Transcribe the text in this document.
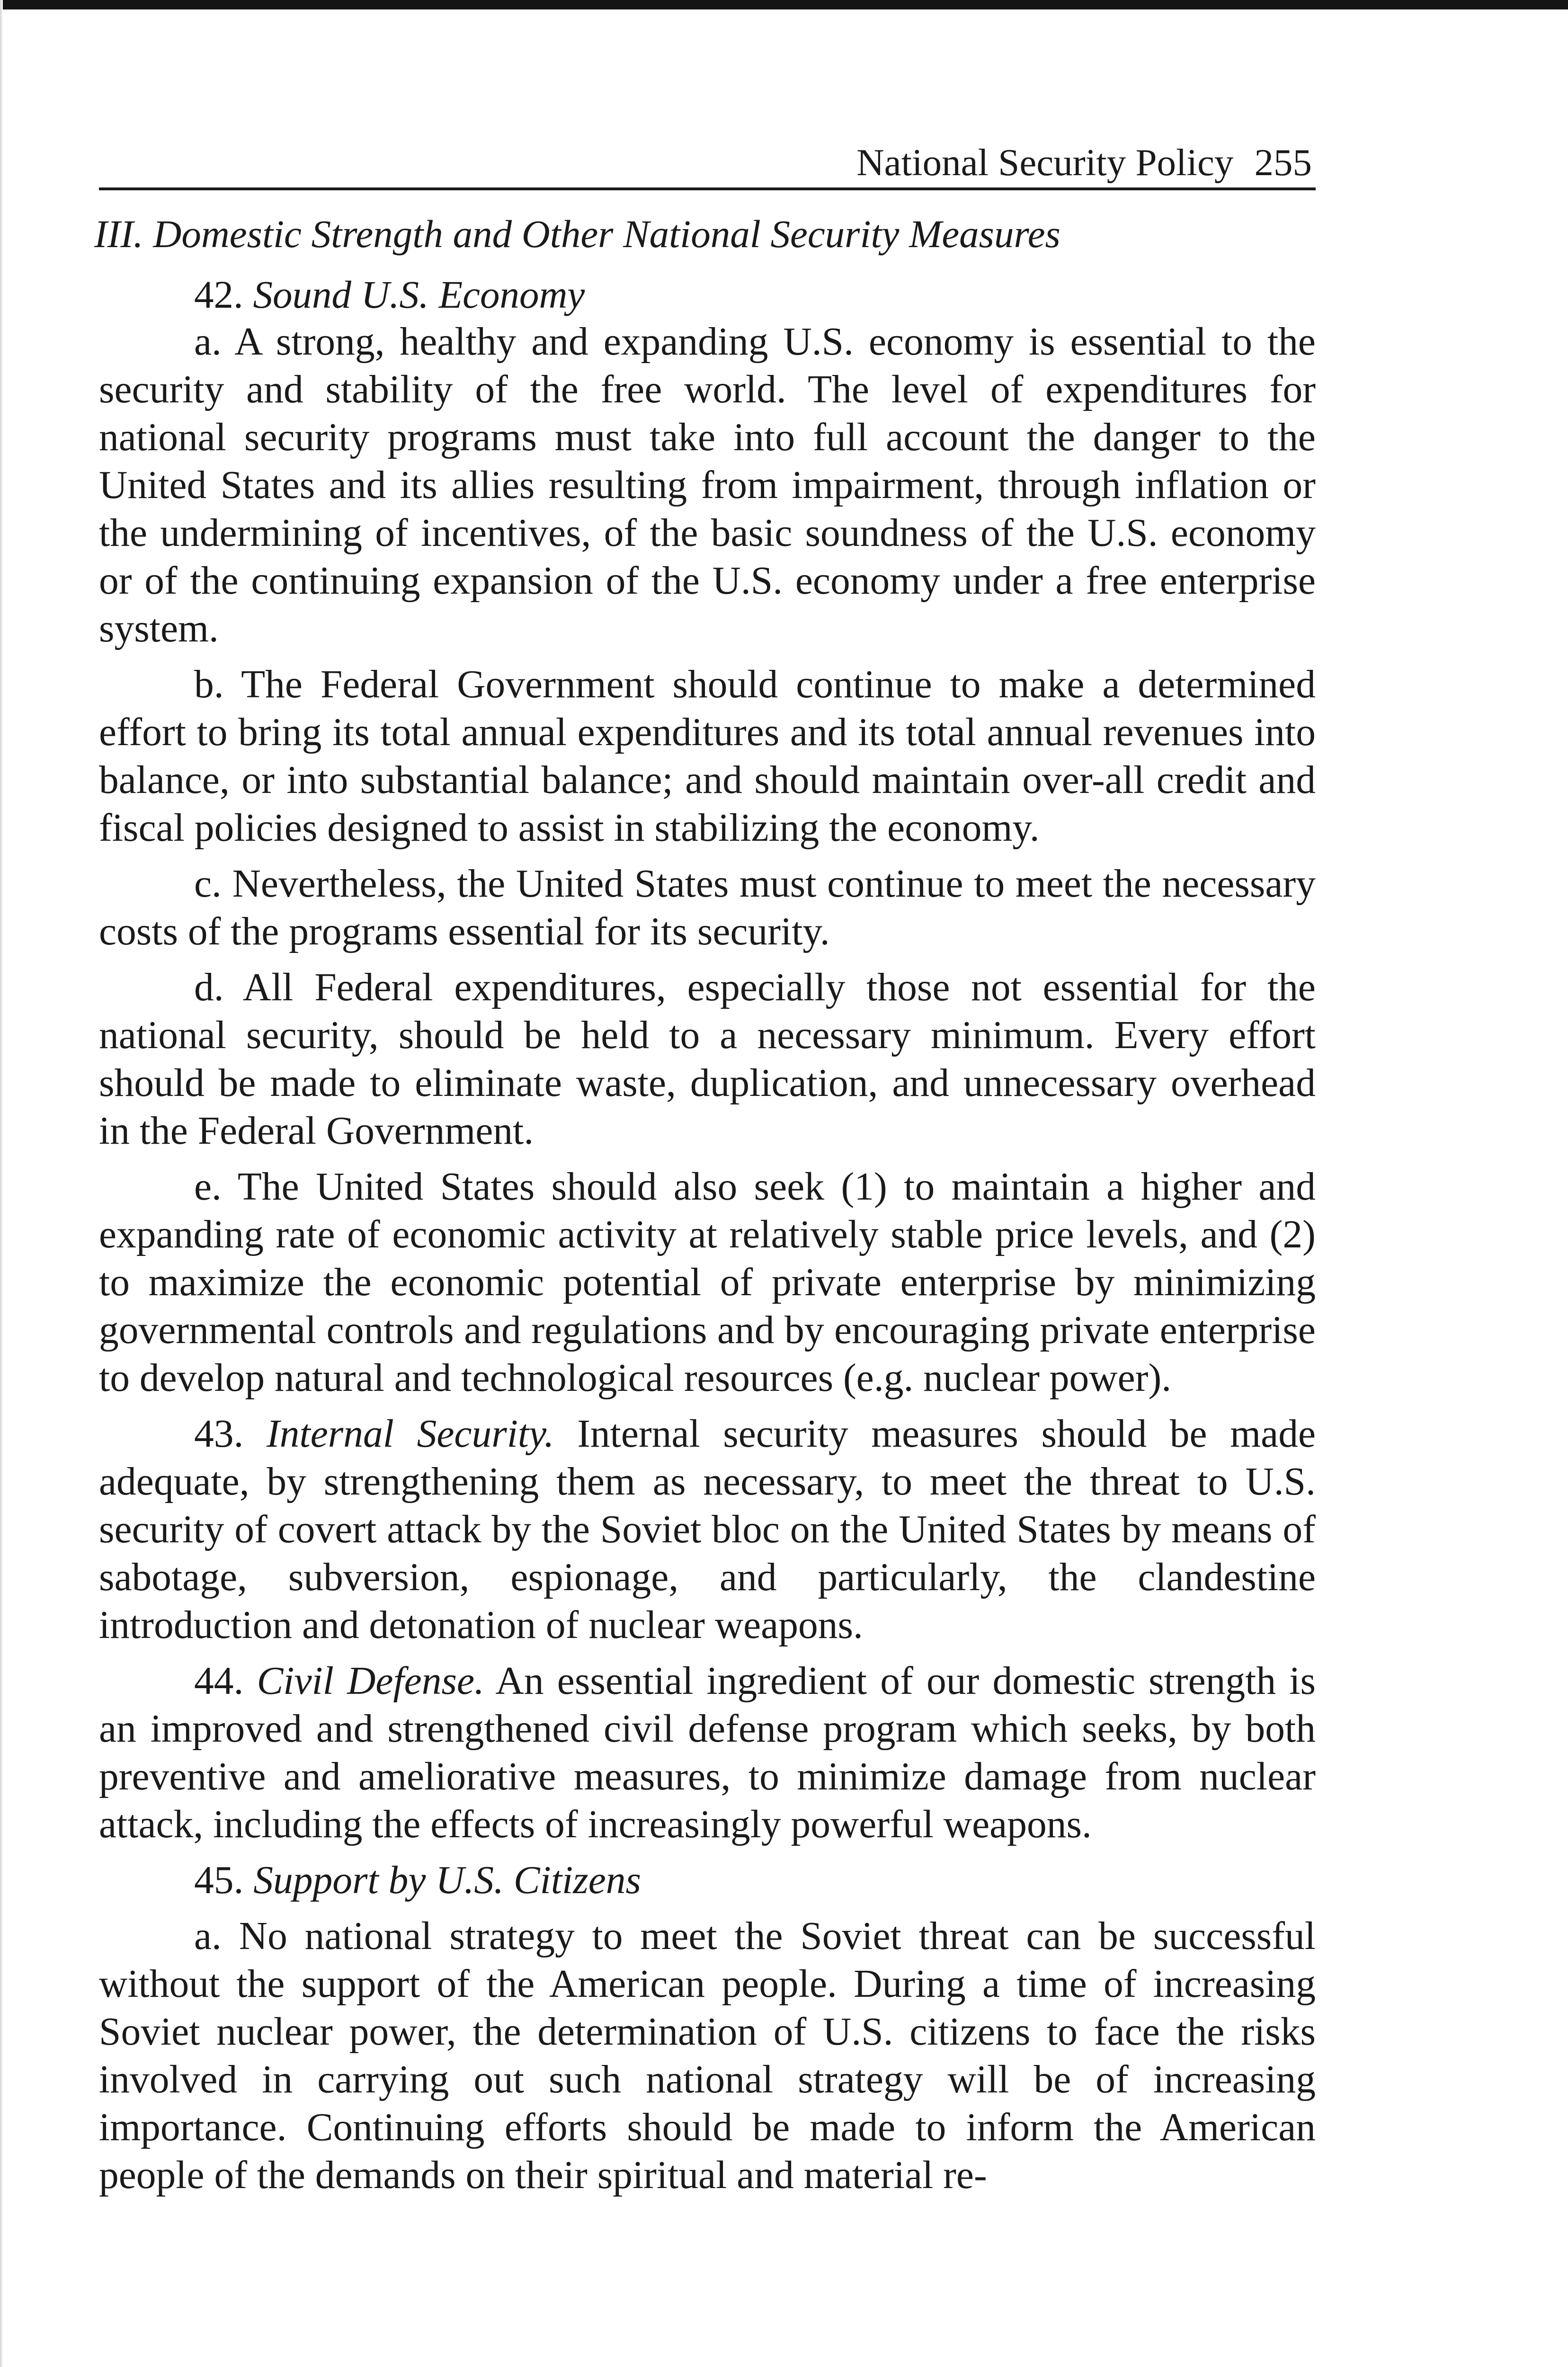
National Security Policy 255
III. Domestic Strength and Other National Security Measures
42. Sound U.S. Economy

a. A strong, healthy and expanding U.S. economy is essential to the security and stability of the free world. The level of expenditures for national security programs must take into full account the danger to the United States and its allies resulting from impairment, through inflation or the undermining of incentives, of the basic soundness of the U.S. economy or of the continuing expansion of the U.S. economy under a free enterprise system.

b. The Federal Government should continue to make a determined effort to bring its total annual expenditures and its total annual revenues into balance, or into substantial balance; and should maintain over-all credit and fiscal policies designed to assist in stabilizing the economy.

c. Nevertheless, the United States must continue to meet the necessary costs of the programs essential for its security.

d. All Federal expenditures, especially those not essential for the national security, should be held to a necessary minimum. Every effort should be made to eliminate waste, duplication, and unnecessary overhead in the Federal Government.

e. The United States should also seek (1) to maintain a higher and expanding rate of economic activity at relatively stable price levels, and (2) to maximize the economic potential of private enterprise by minimizing governmental controls and regulations and by encouraging private enterprise to develop natural and technological resources (e.g. nuclear power).

43. Internal Security. Internal security measures should be made adequate, by strengthening them as necessary, to meet the threat to U.S. security of covert attack by the Soviet bloc on the United States by means of sabotage, subversion, espionage, and particularly, the clandestine introduction and detonation of nuclear weapons.

44. Civil Defense. An essential ingredient of our domestic strength is an improved and strengthened civil defense program which seeks, by both preventive and ameliorative measures, to minimize damage from nuclear attack, including the effects of increasingly powerful weapons.

45. Support by U.S. Citizens

a. No national strategy to meet the Soviet threat can be successful without the support of the American people. During a time of increasing Soviet nuclear power, the determination of U.S. citizens to face the risks involved in carrying out such national strategy will be of increasing importance. Continuing efforts should be made to inform the American people of the demands on their spiritual and material re-
